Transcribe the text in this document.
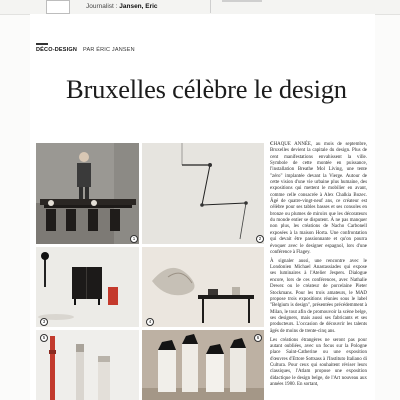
Journalist : Jansen, Eric
DÉCO-DESIGN PAR ÉRIC JANSEN
Bruxelles célèbre le design
1	2
3	4
5	6

CHAQUE ANNÉE, au mois de septembre, Bruxelles devient la capitale du design. Plus de cent manifestations envahissent la ville. Symbole de cette montée en puissance, l'installation Breathe Mol Living, une tente "zéro" implantée devant la Vierge. Autour de cette vision d'une vie urbaine plus humaine, des expositions qui mettent le mobilier en avant, comme celle consacrée à Alex Chalkia Bozec. Âgé de quatre-vingt-neuf ans, ce créateur est célèbre pour ses tables basses et ses consoles en bronze ou plumes de miroirs que les décorateurs du monde entier se disputent. À ne pas manquer non plus, les créations de Nacho Carbonell exposées à la maison Horta. Une confrontation qui devait être passionnante et qu'on pourra évoquer avec le designer espagnol, lors d'une conférence à Flagey.

À signaler aussi, une rencontre avec le Londonien Michael Anastassiades qui expose ses luminaires à l'Atelier Jespers. Dialogue encore, lors de ces conférences, avec Nathalie Dewez ou le créateur de porcelaine Pieter Stockmans. Pour les trois amateurs, le MAD propose trois expositions réunies sous le label "Belgium is design", présentées précédemment à Milan, le tout afin de promouvoir la scène belge, ses designers, mais aussi ses fabricants et ses producteurs. L'occasion de découvrir les talents âgés de moins de trente-cinq ans.

Les créations étrangères ne seront pas pour autant oubliées, avec un focus sur la Pologne place Saint-Catherine ou une exposition d'œuvres d'Ettore Sottsass à l'Instituto Italiano di Cultura. Pour ceux qui souhaitent réviser leurs classiques, l'Atlam propose une exposition didactique le design belge, de l'Art nouveau aux années 1980. En sortant,
